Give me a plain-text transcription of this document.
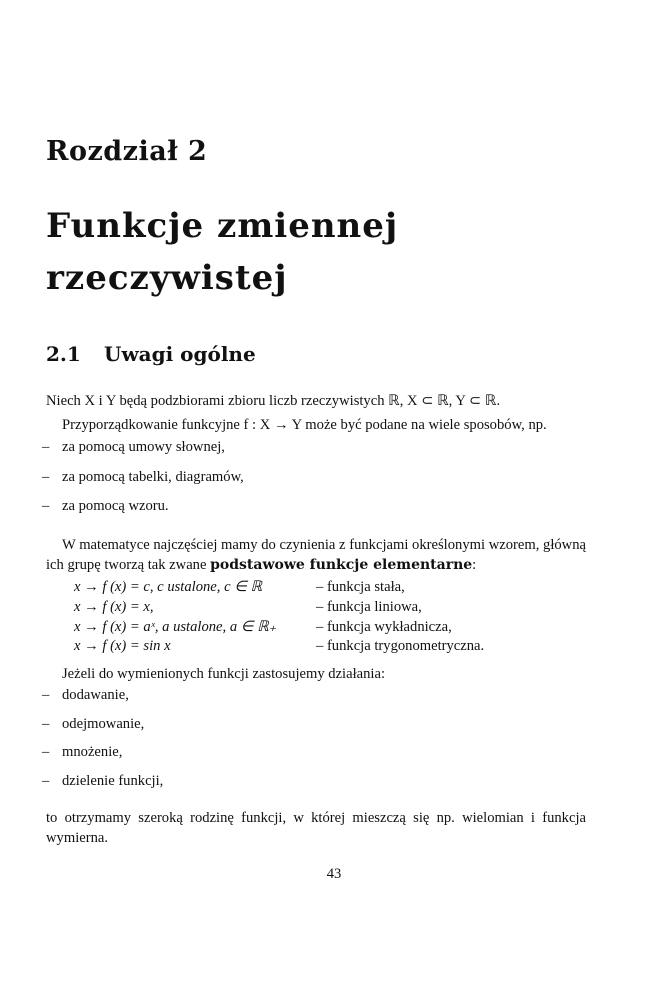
Rozdział 2
Funkcje zmiennej rzeczywistej
2.1 Uwagi ogólne

Niech X i Y będą podzbiorami zbioru liczb rzeczywistych ℝ, X ⊂ ℝ, Y ⊂ ℝ.

Przyporządkowanie funkcyjne f : X → Y może być podane na wiele sposobów, np.

– za pomocą umowy słownej,
– za pomocą tabelki, diagramów,
– za pomocą wzoru.

W matematyce najczęściej mamy do czynienia z funkcjami określonymi wzorem, główną ich grupę tworzą tak zwane podstawowe funkcje elementarne:

x → f (x) = c, c ustalone, c ∈ ℝ	– funkcja stała,
x → f (x) = x,	– funkcja liniowa,
x → f (x) = aˣ, a ustalone, a ∈ ℝ₊	– funkcja wykładnicza,
x → f (x) = sin x	– funkcja trygonometryczna.

Jeżeli do wymienionych funkcji zastosujemy działania:

– dodawanie,
– odejmowanie,
– mnożenie,
– dzielenie funkcji,

to otrzymamy szeroką rodzinę funkcji, w której mieszczą się np. wielomian i funkcja wymierna.

43
